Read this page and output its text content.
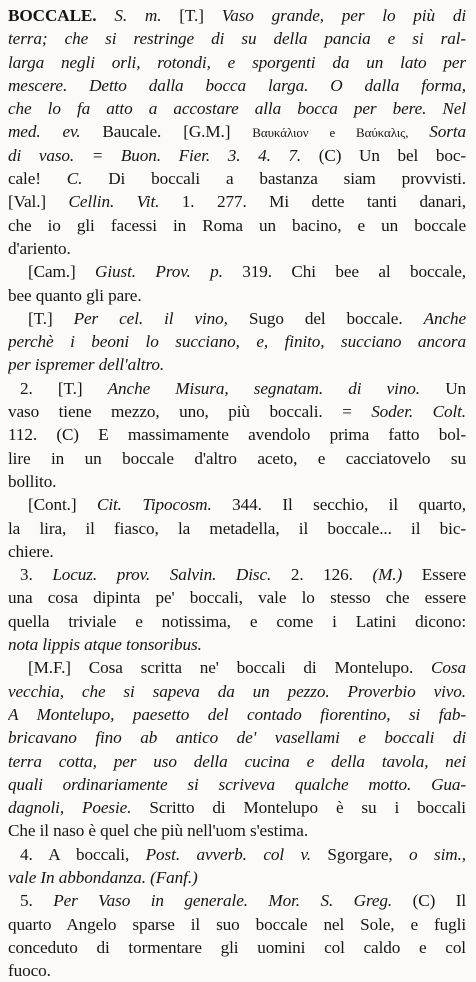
BOCCALE. S. m. [T.] Vaso grande, per lo più di
terra; che si restringe di su della pancia e si ral-
larga negli orli, rotondi, e sporgenti da un lato per
mescere. Detto dalla bocca larga. O dalla forma,
che lo fa atto a accostare alla bocca per bere. Nel
med. ev. Baucale. [G.M.] Βαυκάλιον e Βαύκαλις, Sorta
di vaso. = Buon. Fier. 3. 4. 7. (C) Un bel boc-
cale! C. Di boccali a bastanza siam provvisti.
[Val.] Cellin. Vit. 1. 277. Mi dette tanti danari,
che io gli facessi in Roma un bacino, e un boccale
d'ariento.
[Cam.] Giust. Prov. p. 319. Chi bee al boccale,
bee quanto gli pare.
[T.] Per cel. il vino, Sugo del boccale. Anche
perchè i beoni lo succiano, e, finito, succiano ancora
per ispremer dell'altro.
2. [T.] Anche Misura, segnatam. di vino. Un
vaso tiene mezzo, uno, più boccali. = Soder. Colt.
112. (C) E massimamente avendolo prima fatto bol-
lire in un boccale d'altro aceto, e cacciatovelo su
bollito.
[Cont.] Cit. Tipocosm. 344. Il secchio, il quarto,
la lira, il fiasco, la metadella, il boccale... il bic-
chiere.
3. Locuz. prov. Salvin. Disc. 2. 126. (M.) Essere
una cosa dipinta pe' boccali, vale lo stesso che essere
quella triviale e notissima, e come i Latini dicono:
nota lippis atque tonsoribus.
[M.F.] Cosa scritta ne' boccali di Montelupo. Cosa
vecchia, che si sapeva da un pezzo. Proverbio vivo.
A Montelupo, paesetto del contado fiorentino, si fab-
bricavano fino ab antico de' vasellami e boccali di
terra cotta, per uso della cucina e della tavola, nei
quali ordinariamente si scriveva qualche motto. Gua-
dagnoli, Poesie. Scritto di Montelupo è su i boccali
Che il naso è quel che più nell'uom s'estima.
4. A boccali, Post. avverb. col v. Sgorgare, o sim.,
vale In abbondanza. (Fanf.)
5. Per Vaso in generale. Mor. S. Greg. (C) Il
quarto Angelo sparse il suo boccale nel Sole, e fugli
conceduto di tormentare gli uomini col caldo e col
fuoco.
